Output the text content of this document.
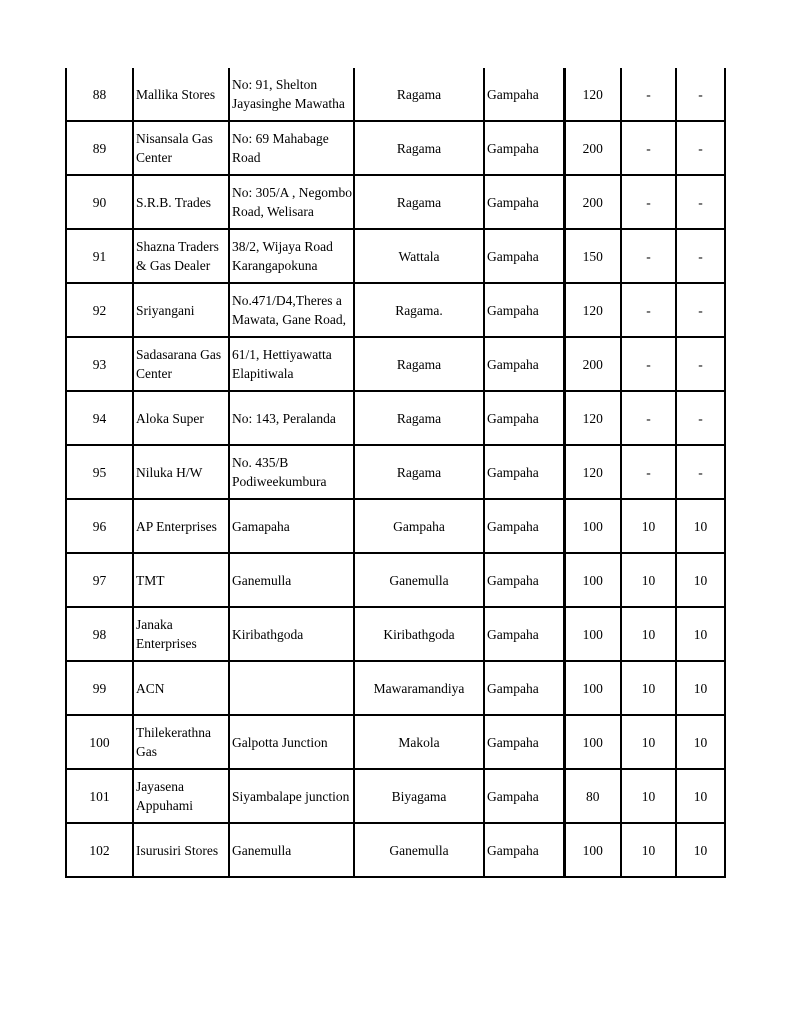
88	Mallika Stores	No: 91, Shelton Jayasinghe Mawatha	Ragama	Gampaha	120	-	-
89	Nisansala Gas Center	No: 69 Mahabage Road	Ragama	Gampaha	200	-	-
90	S.R.B. Trades	No: 305/A , Negombo Road, Welisara	Ragama	Gampaha	200	-	-
91	Shazna Traders & Gas Dealer	38/2, Wijaya Road Karangapokuna	Wattala	Gampaha	150	-	-
92	Sriyangani	No.471/D4,Theres a Mawata, Gane Road,	Ragama.	Gampaha	120	-	-
93	Sadasarana Gas Center	61/1, Hettiyawatta Elapitiwala	Ragama	Gampaha	200	-	-
94	Aloka Super	No: 143, Peralanda	Ragama	Gampaha	120	-	-
95	Niluka H/W	No. 435/B Podiweekumbura	Ragama	Gampaha	120	-	-
96	AP Enterprises	Gamapaha	Gampaha	Gampaha	100	10	10
97	TMT	Ganemulla	Ganemulla	Gampaha	100	10	10
98	Janaka Enterprises	Kiribathgoda	Kiribathgoda	Gampaha	100	10	10
99	ACN		Mawaramandiya	Gampaha	100	10	10
100	Thilekerathna Gas	Galpotta Junction	Makola	Gampaha	100	10	10
101	Jayasena Appuhami	Siyambalape junction	Biyagama	Gampaha	80	10	10
102	Isurusiri Stores	Ganemulla	Ganemulla	Gampaha	100	10	10
